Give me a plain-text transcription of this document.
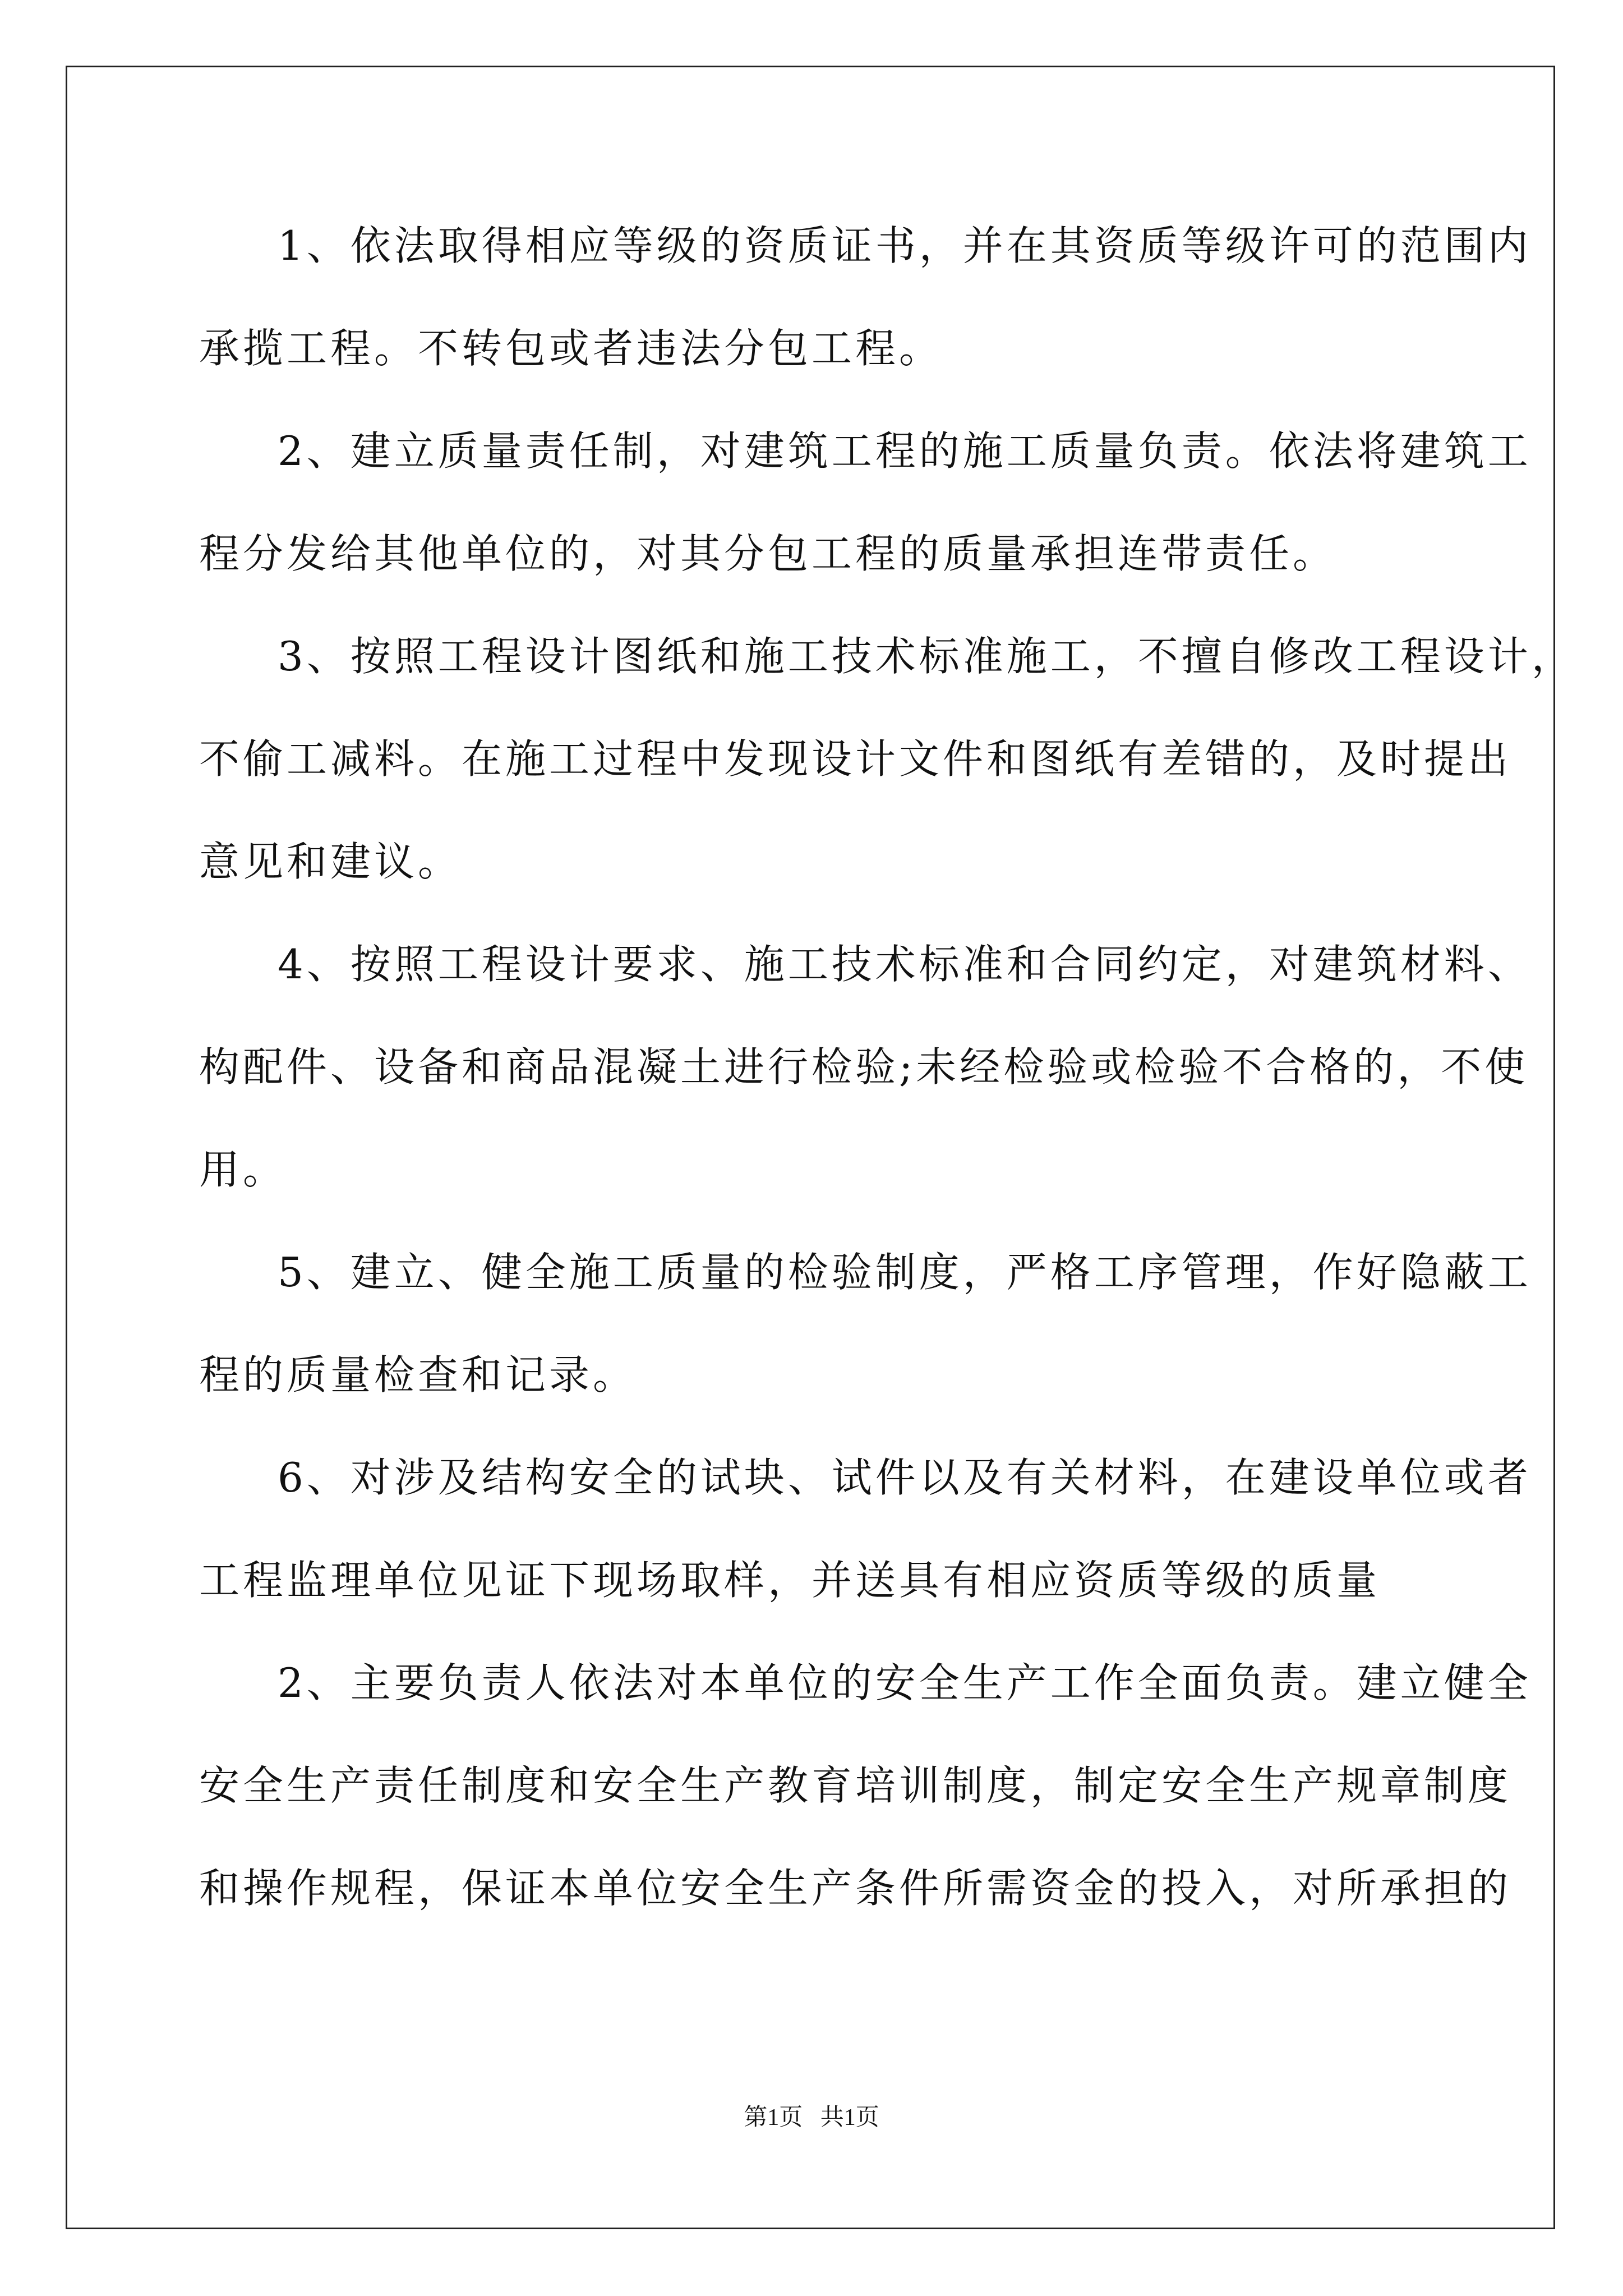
1、依法取得相应等级的资质证书，并在其资质等级许可的范围内
承揽工程。不转包或者违法分包工程。
2、建立质量责任制，对建筑工程的施工质量负责。依法将建筑工
程分发给其他单位的，对其分包工程的质量承担连带责任。
3、按照工程设计图纸和施工技术标准施工，不擅自修改工程设计，
不偷工减料。在施工过程中发现设计文件和图纸有差错的，及时提出
意见和建议。
4、按照工程设计要求、施工技术标准和合同约定，对建筑材料、
构配件、设备和商品混凝土进行检验;未经检验或检验不合格的，不使
用。
5、建立、健全施工质量的检验制度，严格工序管理，作好隐蔽工
程的质量检查和记录。
6、对涉及结构安全的试块、试件以及有关材料，在建设单位或者
工程监理单位见证下现场取样，并送具有相应资质等级的质量
2、主要负责人依法对本单位的安全生产工作全面负责。建立健全
安全生产责任制度和安全生产教育培训制度，制定安全生产规章制度
和操作规程，保证本单位安全生产条件所需资金的投入，对所承担的
第1页   共1页
